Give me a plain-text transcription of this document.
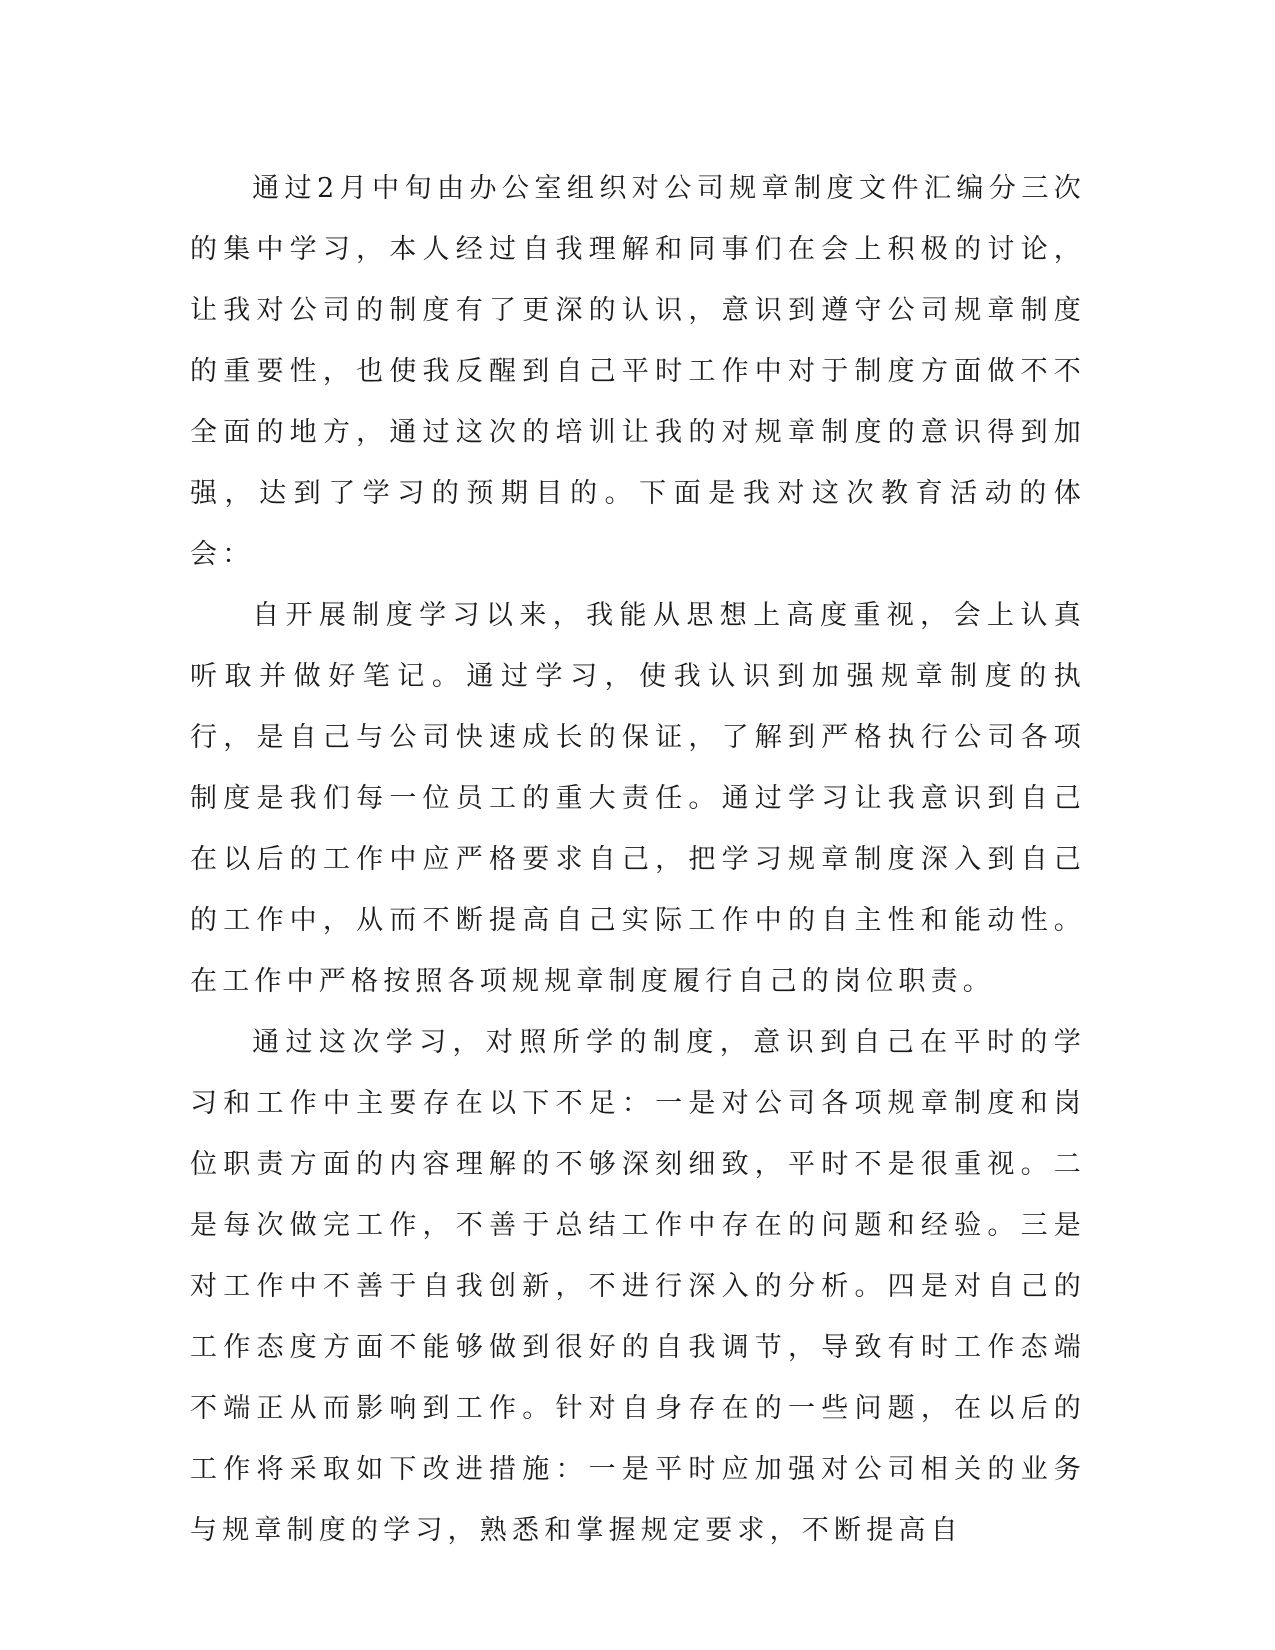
通过2月中旬由办公室组织对公司规章制度文件汇编分三次的集中学习，本人经过自我理解和同事们在会上积极的讨论，让我对公司的制度有了更深的认识，意识到遵守公司规章制度的重要性，也使我反醒到自己平时工作中对于制度方面做不不全面的地方，通过这次的培训让我的对规章制度的意识得到加强，达到了学习的预期目的。下面是我对这次教育活动的体会：

自开展制度学习以来，我能从思想上高度重视，会上认真听取并做好笔记。通过学习，使我认识到加强规章制度的执行，是自己与公司快速成长的保证，了解到严格执行公司各项制度是我们每一位员工的重大责任。通过学习让我意识到自己在以后的工作中应严格要求自己，把学习规章制度深入到自己的工作中，从而不断提高自己实际工作中的自主性和能动性。在工作中严格按照各项规规章制度履行自己的岗位职责。

通过这次学习，对照所学的制度，意识到自己在平时的学习和工作中主要存在以下不足：一是对公司各项规章制度和岗位职责方面的内容理解的不够深刻细致，平时不是很重视。二是每次做完工作，不善于总结工作中存在的问题和经验。三是对工作中不善于自我创新，不进行深入的分析。四是对自己的工作态度方面不能够做到很好的自我调节，导致有时工作态端不端正从而影响到工作。针对自身存在的一些问题，在以后的工作将采取如下改进措施：一是平时应加强对公司相关的业务与规章制度的学习，熟悉和掌握规定要求，不断提高自
